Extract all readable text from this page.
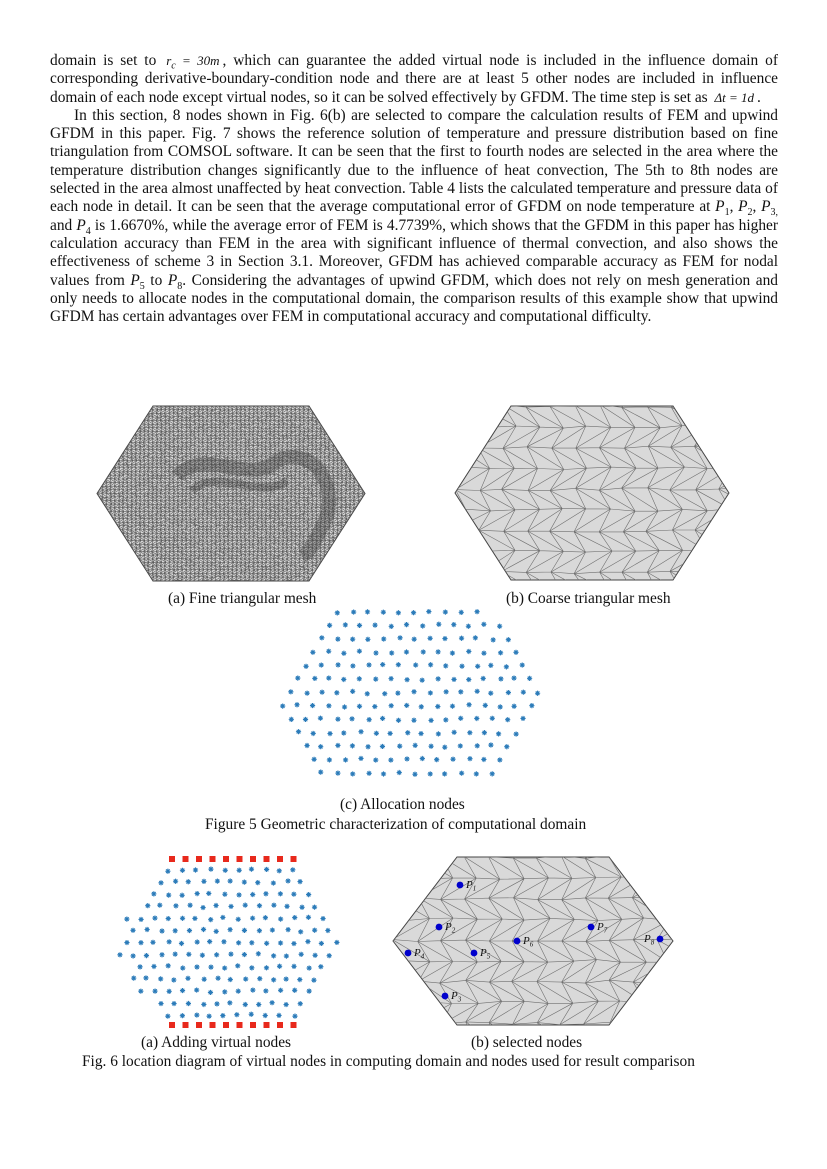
domain is set to $r_c = 30m$ , which can guarantee the added virtual node is included in the influence domain of corresponding derivative-boundary-condition node and there are at least 5 other nodes are included in influence domain of each node except virtual nodes, so it can be solved effectively by GFDM. The time step is set as Δt = 1d .

In this section, 8 nodes shown in Fig. 6(b) are selected to compare the calculation results of FEM and upwind GFDM in this paper. Fig. 7 shows the reference solution of temperature and pressure distribution based on fine triangulation from COMSOL software. It can be seen that the first to fourth nodes are selected in the area where the temperature distribution changes significantly due to the influence of heat convection, The 5th to 8th nodes are selected in the area almost unaffected by heat convection. Table 4 lists the calculated temperature and pressure data of each node in detail. It can be seen that the average computational error of GFDM on node temperature at $P_1$, $P_2$, $P_{3,}$ and $P_4$ is 1.6670%, while the average error of FEM is 4.7739%, which shows that the GFDM in this paper has higher calculation accuracy than FEM in the area with significant influence of thermal convection, and also shows the effectiveness of scheme 3 in Section 3.1. Moreover, GFDM has achieved comparable accuracy as FEM for nodal values from $P_5$ to $P_8$. Considering the advantages of upwind GFDM, which does not rely on mesh generation and only needs to allocate nodes in the computational domain, the comparison results of this example show that upwind GFDM has certain advantages over FEM in computational accuracy and computational difficulty.

(a) Fine triangular mesh	(b) Coarse triangular mesh
(c) Allocation nodes
Figure 5 Geometric characterization of computational domain
$P_1$
$P_2$
$P_3$
$P_4$	$P_5$
$P_6$
$P_7$
$P_8$
(a) Adding virtual nodes	(b) selected nodes
Fig. 6 location diagram of virtual nodes in computing domain and nodes used for result comparison
